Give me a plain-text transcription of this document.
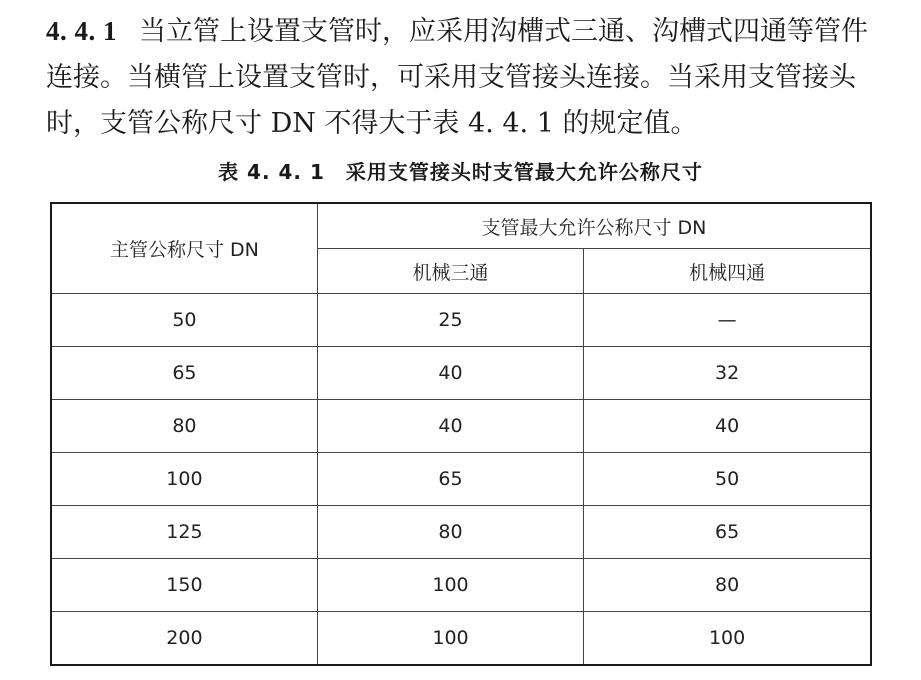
4. 4. 1 当立管上设置支管时，应采用沟槽式三通、沟槽式四通等管件连接。当横管上设置支管时，可采用支管接头连接。当采用支管接头时，支管公称尺寸 DN 不得大于表 4. 4. 1 的规定值。

表 4. 4. 1　采用支管接头时支管最大允许公称尺寸

主管公称尺寸 DN	支管最大允许公称尺寸 DN	
	机械三通	机械四通
50	25	—
65	40	32
80	40	40
100	65	50
125	80	65
150	100	80
200	100	100
